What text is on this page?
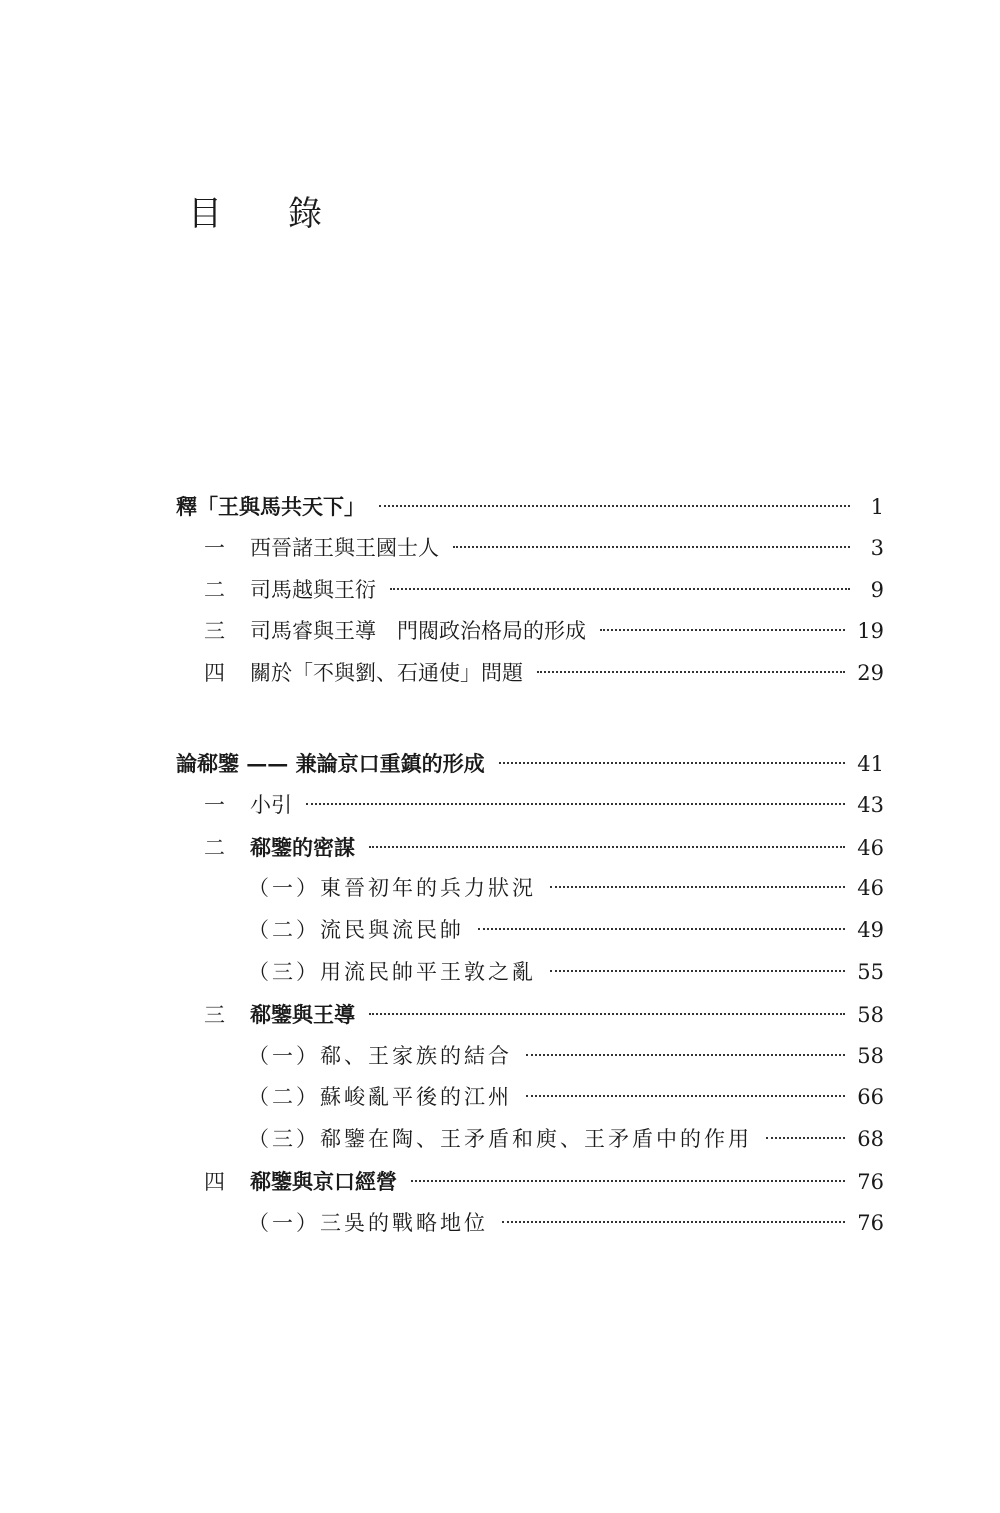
目	錄
釋「王與馬共天下」	1
一	西晉諸王與王國士人	3
二	司馬越與王衍	9
三	司馬睿與王導　門閥政治格局的形成	19
四	關於「不與劉、石通使」問題	29
論郗鑒 —— 兼論京口重鎮的形成	41
一	小引	43
二	郗鑒的密謀	46
（一）東晉初年的兵力狀況	46
（二）流民與流民帥	49
（三）用流民帥平王敦之亂	55
三	郗鑒與王導	58
（一）郗、王家族的結合	58
（二）蘇峻亂平後的江州	66
（三）郗鑒在陶、王矛盾和庾、王矛盾中的作用	68
四	郗鑒與京口經營	76
（一）三吳的戰略地位	76
